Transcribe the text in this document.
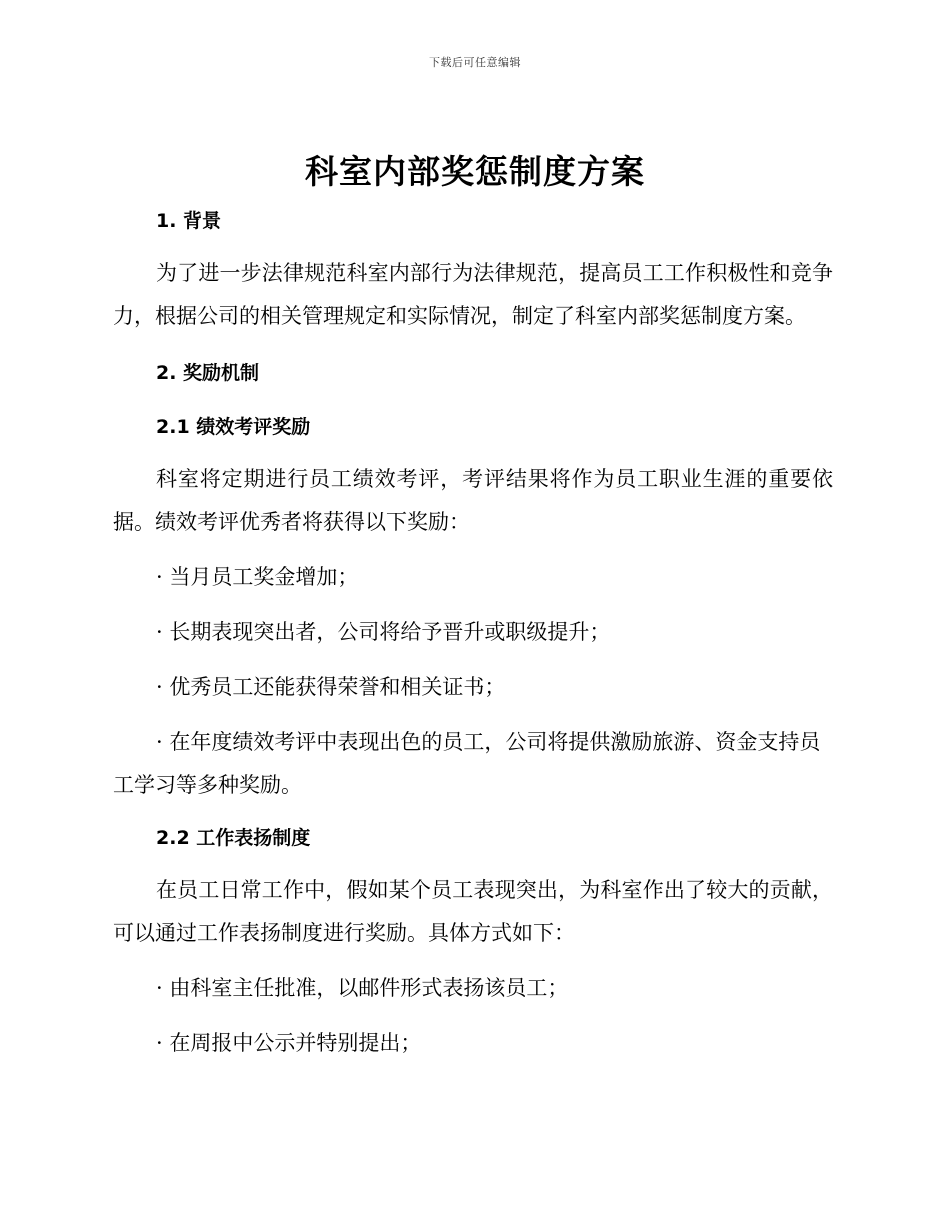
下载后可任意编辑
科室内部奖惩制度方案

1. 背景

为了进一步法律规范科室内部行为法律规范，提高员工工作积极性和竞争力，根据公司的相关管理规定和实际情况，制定了科室内部奖惩制度方案。

2. 奖励机制

2.1 绩效考评奖励

科室将定期进行员工绩效考评，考评结果将作为员工职业生涯的重要依据。绩效考评优秀者将获得以下奖励：

· 当月员工奖金增加；

· 长期表现突出者，公司将给予晋升或职级提升；

· 优秀员工还能获得荣誉和相关证书；

· 在年度绩效考评中表现出色的员工，公司将提供激励旅游、资金支持员工学习等多种奖励。

2.2 工作表扬制度

在员工日常工作中，假如某个员工表现突出，为科室作出了较大的贡献，可以通过工作表扬制度进行奖励。具体方式如下：

· 由科室主任批准，以邮件形式表扬该员工；

· 在周报中公示并特别提出；
